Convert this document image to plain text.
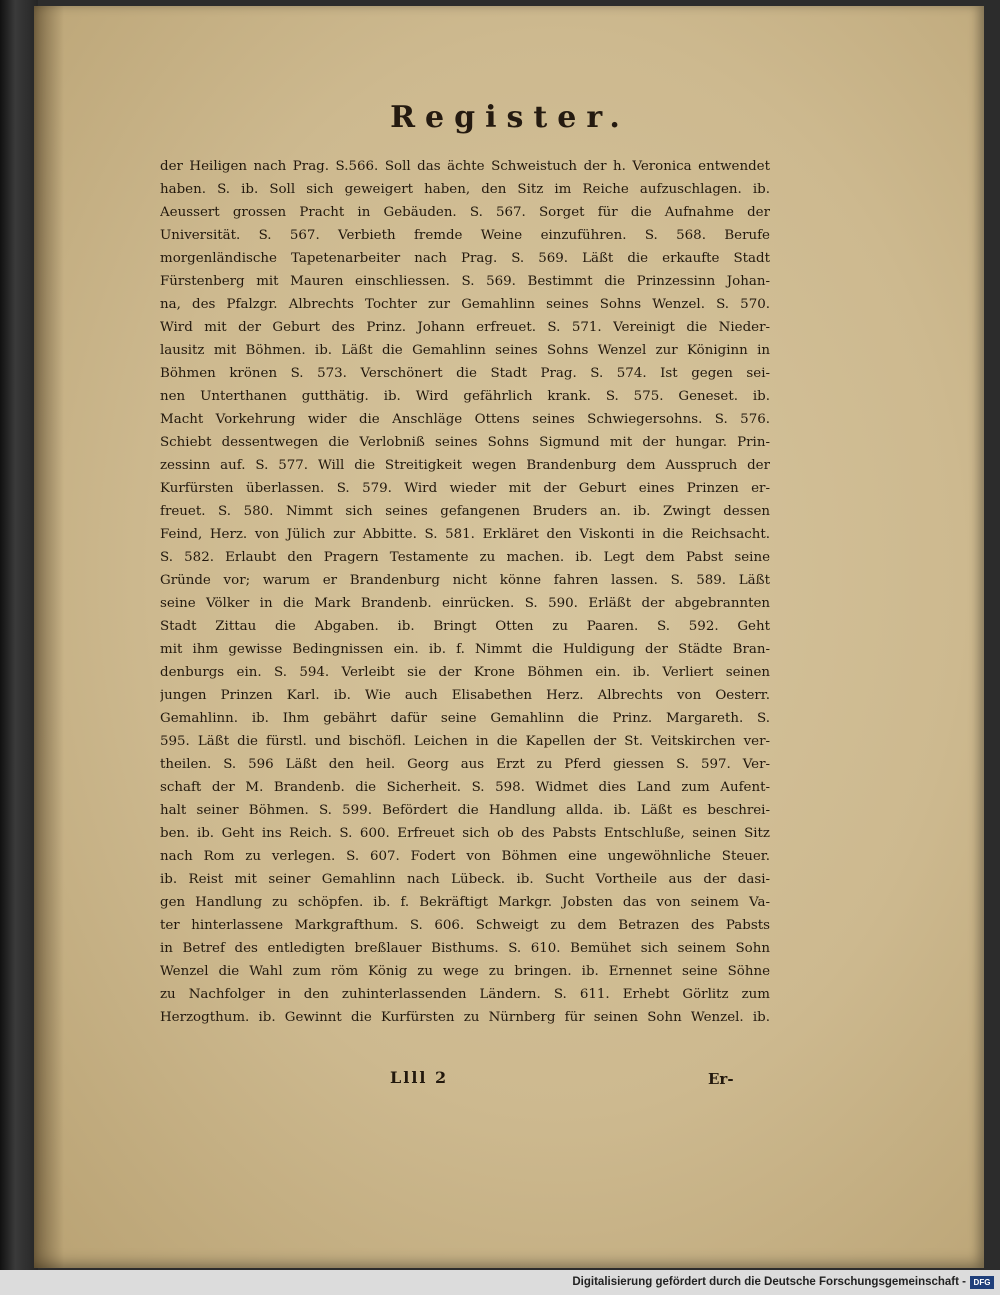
Register.
der Heiligen nach Prag. S.566. Soll das ächte Schweistuch der h. Veronica entwendet
haben. S. ib. Soll sich geweigert haben, den Sitz im Reiche aufzuschlagen. ib.
Aeussert grossen Pracht in Gebäuden. S. 567. Sorget für die Aufnahme der
Universität. S. 567. Verbieth fremde Weine einzuführen. S. 568. Berufe
morgenländische Tapetenarbeiter nach Prag. S. 569. Läßt die erkaufte Stadt
Fürstenberg mit Mauren einschliessen. S. 569. Bestimmt die Prinzessinn Johan-
na, des Pfalzgr. Albrechts Tochter zur Gemahlinn seines Sohns Wenzel. S. 570.
Wird mit der Geburt des Prinz. Johann erfreuet. S. 571. Vereinigt die Nieder-
lausitz mit Böhmen. ib. Läßt die Gemahlinn seines Sohns Wenzel zur Königinn in
Böhmen krönen S. 573. Verschönert die Stadt Prag. S. 574. Ist gegen sei-
nen Unterthanen gutthätig. ib. Wird gefährlich krank. S. 575. Geneset. ib.
Macht Vorkehrung wider die Anschläge Ottens seines Schwiegersohns. S. 576.
Schiebt dessentwegen die Verlobniß seines Sohns Sigmund mit der hungar. Prin-
zessinn auf. S. 577. Will die Streitigkeit wegen Brandenburg dem Ausspruch der
Kurfürsten überlassen. S. 579. Wird wieder mit der Geburt eines Prinzen er-
freuet. S. 580. Nimmt sich seines gefangenen Bruders an. ib. Zwingt dessen
Feind, Herz. von Jülich zur Abbitte. S. 581. Erkläret den Viskonti in die Reichsacht.
S. 582. Erlaubt den Pragern Testamente zu machen. ib. Legt dem Pabst seine
Gründe vor; warum er Brandenburg nicht könne fahren lassen. S. 589. Läßt
seine Völker in die Mark Brandenb. einrücken. S. 590. Erläßt der abgebrannten
Stadt Zittau die Abgaben. ib. Bringt Otten zu Paaren. S. 592. Geht
mit ihm gewisse Bedingnissen ein. ib. f. Nimmt die Huldigung der Städte Bran-
denburgs ein. S. 594. Verleibt sie der Krone Böhmen ein. ib. Verliert seinen
jungen Prinzen Karl. ib. Wie auch Elisabethen Herz. Albrechts von Oesterr.
Gemahlinn. ib. Ihm gebährt dafür seine Gemahlinn die Prinz. Margareth. S.
595. Läßt die fürstl. und bischöfl. Leichen in die Kapellen der St. Veitskirchen ver-
theilen. S. 596 Läßt den heil. Georg aus Erzt zu Pferd giessen S. 597. Ver-
schaft der M. Brandenb. die Sicherheit. S. 598. Widmet dies Land zum Aufent-
halt seiner Böhmen. S. 599. Befördert die Handlung allda. ib. Läßt es beschrei-
ben. ib. Geht ins Reich. S. 600. Erfreuet sich ob des Pabsts Entschluße, seinen Sitz
nach Rom zu verlegen. S. 607. Fodert von Böhmen eine ungewöhnliche Steuer.
ib. Reist mit seiner Gemahlinn nach Lübeck. ib. Sucht Vortheile aus der dasi-
gen Handlung zu schöpfen. ib. f. Bekräftigt Markgr. Jobsten das von seinem Va-
ter hinterlassene Markgrafthum. S. 606. Schweigt zu dem Betrazen des Pabsts
in Betref des entledigten breßlauer Bisthums. S. 610. Bemühet sich seinem Sohn
Wenzel die Wahl zum röm König zu wege zu bringen. ib. Ernennet seine Söhne
zu Nachfolger in den zuhinterlassenden Ländern. S. 611. Erhebt Görlitz zum
Herzogthum. ib. Gewinnt die Kurfürsten zu Nürnberg für seinen Sohn Wenzel. ib.
Llll 2	Er-
Digitalisierung gefördert durch die Deutsche Forschungsgemeinschaft - DFG
